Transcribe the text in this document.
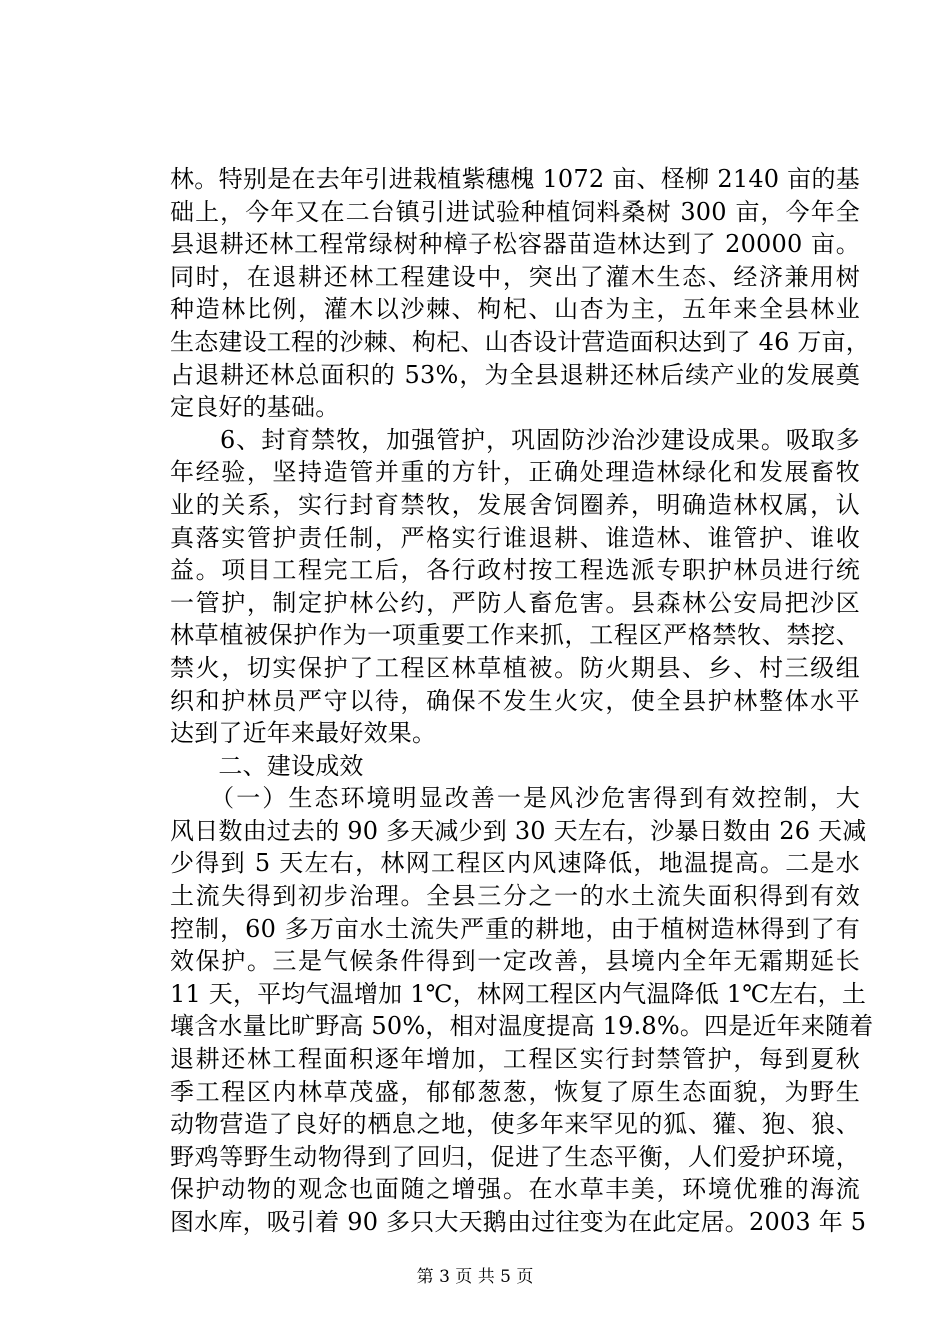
林。特别是在去年引进栽植紫穗槐 1072 亩、柽柳 2140 亩的基
础上，今年又在二台镇引进试验种植饲料桑树 300 亩，今年全
县退耕还林工程常绿树种樟子松容器苗造林达到了 20000 亩。
同时，在退耕还林工程建设中，突出了灌木生态、经济兼用树
种造林比例，灌木以沙棘、枸杞、山杏为主，五年来全县林业
生态建设工程的沙棘、枸杞、山杏设计营造面积达到了 46 万亩，
占退耕还林总面积的 53%，为全县退耕还林后续产业的发展奠
定良好的基础。
　　6、封育禁牧，加强管护，巩固防沙治沙建设成果。吸取多
年经验，坚持造管并重的方针，正确处理造林绿化和发展畜牧
业的关系，实行封育禁牧，发展舍饲圈养，明确造林权属，认
真落实管护责任制，严格实行谁退耕、谁造林、谁管护、谁收
益。项目工程完工后，各行政村按工程选派专职护林员进行统
一管护，制定护林公约，严防人畜危害。县森林公安局把沙区
林草植被保护作为一项重要工作来抓，工程区严格禁牧、禁挖、
禁火，切实保护了工程区林草植被。防火期县、乡、村三级组
织和护林员严守以待，确保不发生火灾，使全县护林整体水平
达到了近年来最好效果。
　　二、建设成效
　　（一）生态环境明显改善一是风沙危害得到有效控制，大
风日数由过去的 90 多天减少到 30 天左右，沙暴日数由 26 天减
少得到 5 天左右，林网工程区内风速降低，地温提高。二是水
土流失得到初步治理。全县三分之一的水土流失面积得到有效
控制，60 多万亩水土流失严重的耕地，由于植树造林得到了有
效保护。三是气候条件得到一定改善，县境内全年无霜期延长
11 天，平均气温增加 1℃，林网工程区内气温降低 1℃左右，土
壤含水量比旷野高 50%，相对温度提高 19.8%。四是近年来随着
退耕还林工程面积逐年增加，工程区实行封禁管护，每到夏秋
季工程区内林草茂盛，郁郁葱葱，恢复了原生态面貌，为野生
动物营造了良好的栖息之地，使多年来罕见的狐、獾、狍、狼、
野鸡等野生动物得到了回归，促进了生态平衡，人们爱护环境，
保护动物的观念也面随之增强。在水草丰美，环境优雅的海流
图水库，吸引着 90 多只大天鹅由过往变为在此定居。2003 年 5
第 3 页 共 5 页
